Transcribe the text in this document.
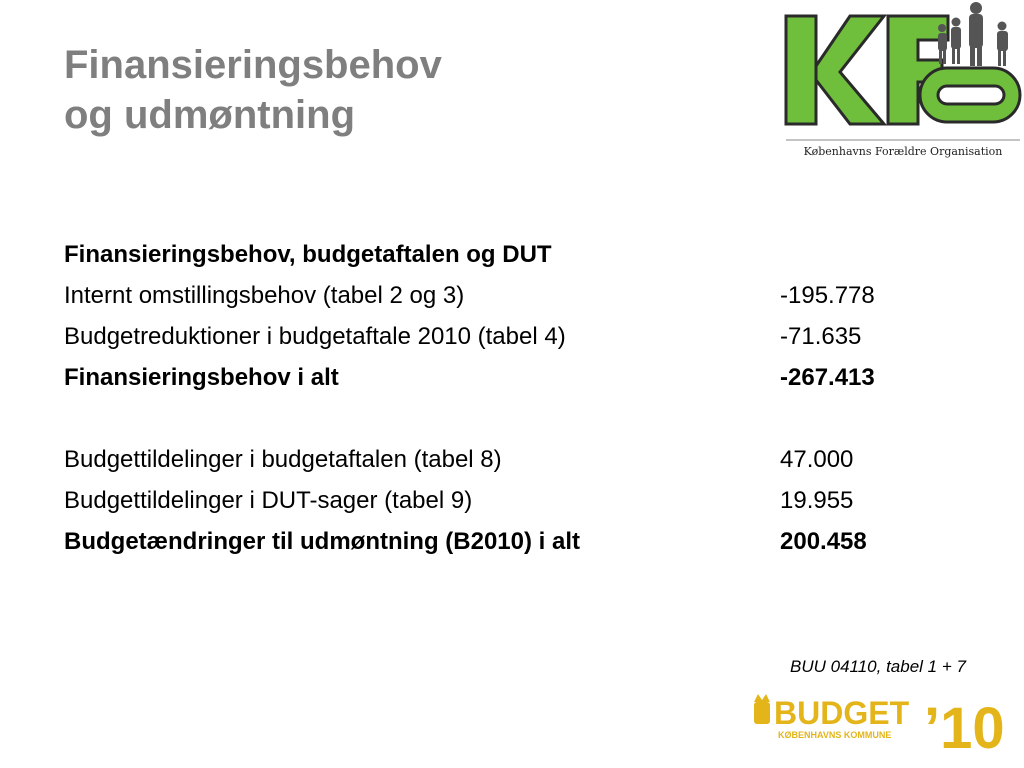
Finansieringsbehov
og udmøntning
Københavns Forældre Organisation
Finansieringsbehov, budgetaftalen og DUT
Internt omstillingsbehov (tabel 2 og 3)	-195.778
Budgetreduktioner i budgetaftale 2010 (tabel 4)	-71.635
Finansieringsbehov i alt	-267.413
Budgettildelinger i budgetaftalen (tabel 8)	47.000
Budgettildelinger i DUT-sager (tabel 9)	19.955
Budgetændringer til udmøntning (B2010) i alt	200.458
BUU 04110, tabel 1 + 7
BUDGET
KØBENHAVNS KOMMUNE ’10
